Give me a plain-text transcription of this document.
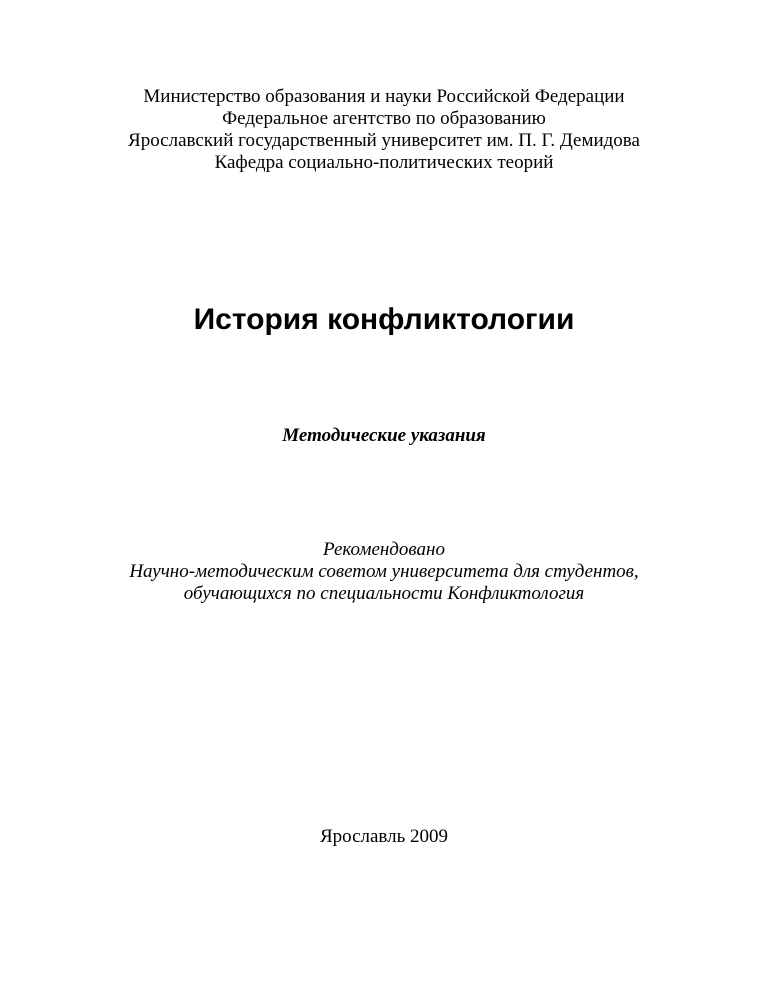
Министерство образования и науки Российской Федерации
Федеральное агентство по образованию
Ярославский государственный университет им. П. Г. Демидова
Кафедра социально-политических теорий
История конфликтологии
Методические указания
Рекомендовано
Научно-методическим советом университета для студентов,
обучающихся по специальности Конфликтология
Ярославль 2009
